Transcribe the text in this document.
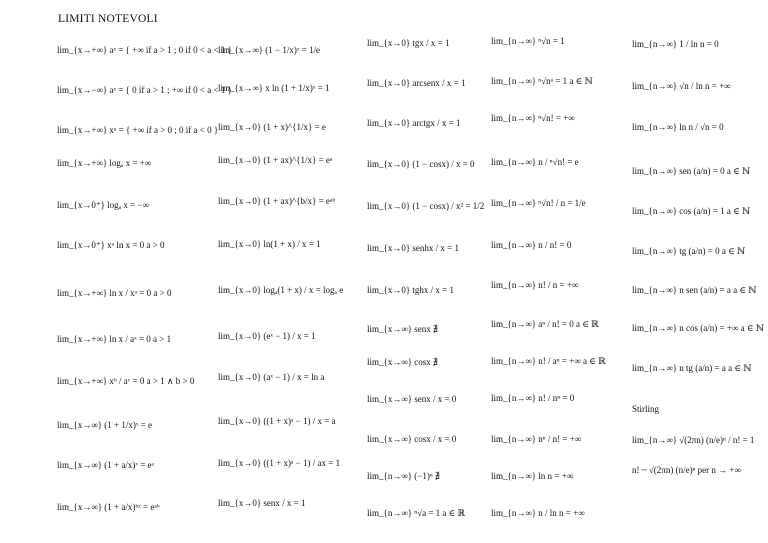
LIMITI NOTEVOLI
lim_{x→+∞} aˣ = { +∞ if a > 1 ; 0 if 0 < a < 1 }
lim_{x→−∞} aˣ = { 0 if a > 1 ; +∞ if 0 < a < 1 }
lim_{x→+∞} xᵃ = { +∞ if a > 0 ; 0 if a < 0 }
lim_{x→+∞} logₐ x = +∞
lim_{x→0⁺} logₐ x = −∞
lim_{x→0⁺} xᵃ ln x = 0 a > 0
lim_{x→+∞} ln x / xᵃ = 0 a > 0
lim_{x→+∞} ln x / aˣ = 0 a > 1
lim_{x→+∞} xᵇ / aˣ = 0 a > 1 ∧ b > 0
lim_{x→∞} (1 + 1/x)ˣ = e
lim_{x→∞} (1 + a/x)ˣ = eᵃ
lim_{x→∞} (1 + a/x)ᵇˣ = eᵃᵇ
lim_{x→∞} (1 − 1/x)ˣ = 1/e
lim_{x→∞} x ln (1 + 1/x)ˣ = 1
lim_{x→0} (1 + x)^{1/x} = e
lim_{x→0} (1 + ax)^{1/x} = eᵃ
lim_{x→0} (1 + ax)^{b/x} = eᵃᵇ
lim_{x→0} ln(1 + x) / x = 1
lim_{x→0} logₐ(1 + x) / x = logₐ e
lim_{x→0} (eˣ − 1) / x = 1
lim_{x→0} (aˣ − 1) / x = ln a
lim_{x→0} ((1 + x)ᵃ − 1) / x = a
lim_{x→0} ((1 + x)ᵃ − 1) / ax = 1
lim_{x→0} senx / x = 1
lim_{x→0} tgx / x = 1
lim_{x→0} arcsenx / x = 1
lim_{x→0} arctgx / x = 1
lim_{x→0} (1 − cosx) / x = 0
lim_{x→0} (1 − cosx) / x² = 1/2
lim_{x→0} senhx / x = 1
lim_{x→0} tghx / x = 1
lim_{x→∞} senx ∄
lim_{x→∞} cosx ∄
lim_{x→∞} senx / x = 0
lim_{x→∞} cosx / x = 0
lim_{n→∞} (−1)ⁿ ∄
lim_{n→∞} ⁿ√a = 1 a ∈ ℝ
lim_{n→∞} ⁿ√n = 1
lim_{n→∞} ⁿ√nᵃ = 1 a ∈ ℕ
lim_{n→∞} ⁿ√n! = +∞
lim_{n→∞} n / ⁿ√n! = e
lim_{n→∞} ⁿ√n! / n = 1/e
lim_{n→∞} n / n! = 0
lim_{n→∞} n! / n = +∞
lim_{n→∞} aⁿ / n! = 0 a ∈ ℝ
lim_{n→∞} n! / aⁿ = +∞ a ∈ ℝ
lim_{n→∞} n! / nⁿ = 0
lim_{n→∞} nⁿ / n! = +∞
lim_{n→∞} ln n = +∞
lim_{n→∞} n / ln n = +∞
lim_{n→∞} 1 / ln n = 0
lim_{n→∞} √n / ln n = +∞
lim_{n→∞} ln n / √n = 0
lim_{n→∞} sen (a/n) = 0 a ∈ ℕ
lim_{n→∞} cos (a/n) = 1 a ∈ ℕ
lim_{n→∞} tg (a/n) = 0 a ∈ ℕ
lim_{n→∞} n sen (a/n) = a a ∈ ℕ
lim_{n→∞} n cos (a/n) = +∞ a ∈ ℕ
lim_{n→∞} n tg (a/n) = a a ∈ ℕ
Stirling
lim_{n→∞} √(2πn) (n/e)ⁿ / n! = 1
n! ~ √(2πn) (n/e)ⁿ per n → +∞
